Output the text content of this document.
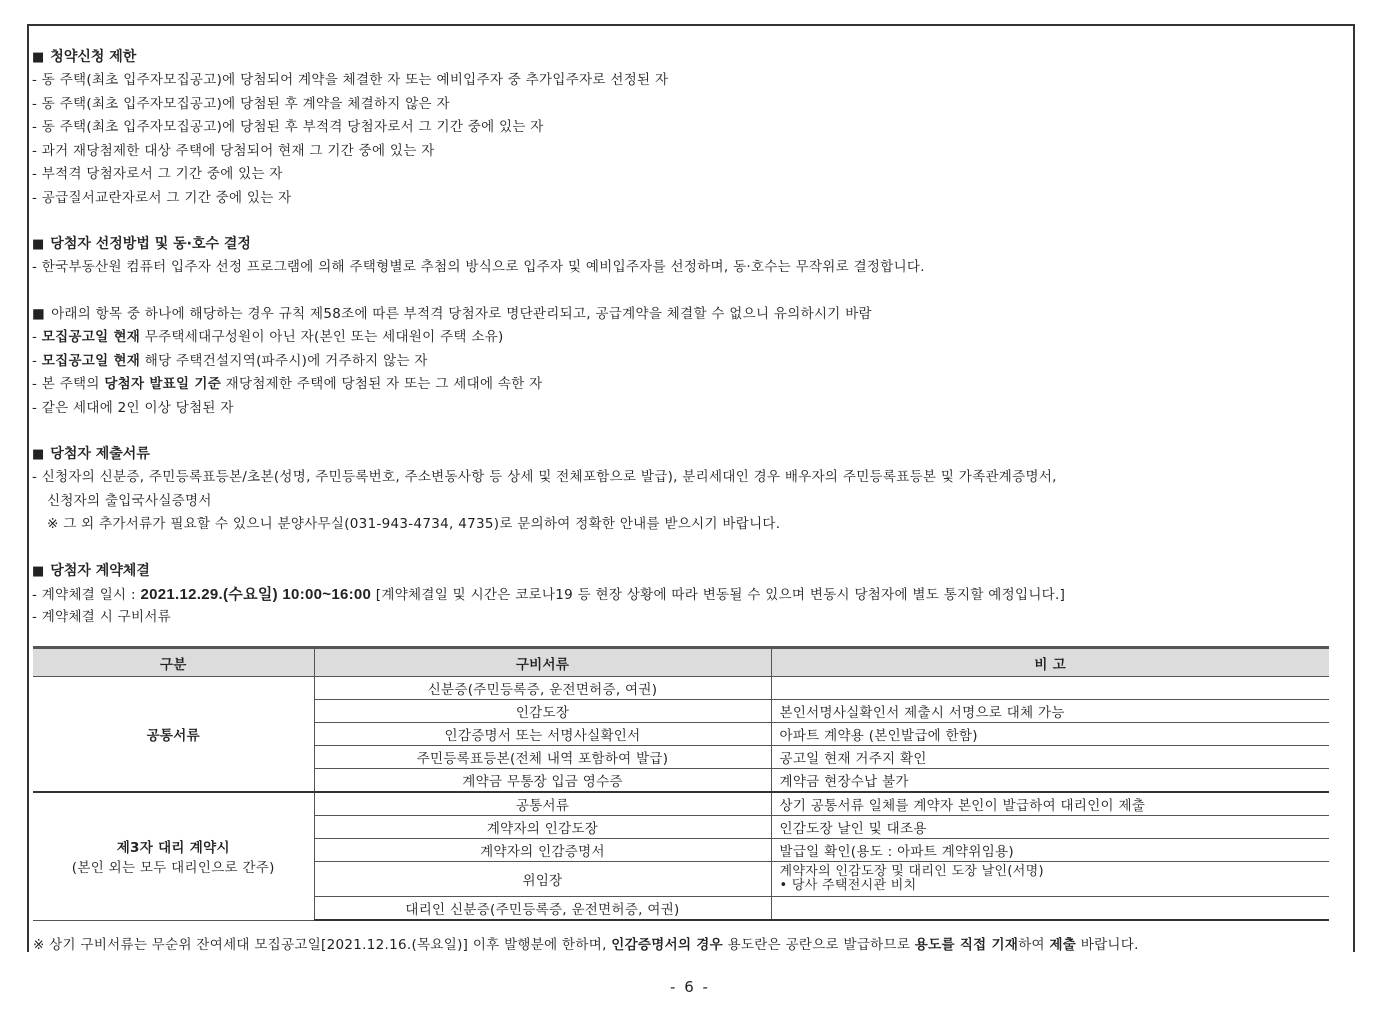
■ 청약신청 제한
- 동 주택(최초 입주자모집공고)에 당첨되어 계약을 체결한 자 또는 예비입주자 중 추가입주자로 선정된 자
- 동 주택(최초 입주자모집공고)에 당첨된 후 계약을 체결하지 않은 자
- 동 주택(최초 입주자모집공고)에 당첨된 후 부적격 당첨자로서 그 기간 중에 있는 자
- 과거 재당첨제한 대상 주택에 당첨되어 현재 그 기간 중에 있는 자
- 부적격 당첨자로서 그 기간 중에 있는 자
- 공급질서교란자로서 그 기간 중에 있는 자
■ 당첨자 선정방법 및 동·호수 결정
- 한국부동산원 컴퓨터 입주자 선정 프로그램에 의해 주택형별로 추첨의 방식으로 입주자 및 예비입주자를 선정하며, 동·호수는 무작위로 결정합니다.
■ 아래의 항목 중 하나에 해당하는 경우 규칙 제58조에 따른 부적격 당첨자로 명단관리되고, 공급계약을 체결할 수 없으니 유의하시기 바람
- 모집공고일 현재 무주택세대구성원이 아닌 자(본인 또는 세대원이 주택 소유)
- 모집공고일 현재 해당 주택건설지역(파주시)에 거주하지 않는 자
- 본 주택의 당첨자 발표일 기준 재당첨제한 주택에 당첨된 자 또는 그 세대에 속한 자
- 같은 세대에 2인 이상 당첨된 자
■ 당첨자 제출서류
- 신청자의 신분증, 주민등록표등본/초본(성명, 주민등록번호, 주소변동사항 등 상세 및 전체포함으로 발급), 분리세대인 경우 배우자의 주민등록표등본 및 가족관계증명서,
신청자의 출입국사실증명서
※ 그 외 추가서류가 필요할 수 있으니 분양사무실(031-943-4734, 4735)로 문의하여 정확한 안내를 받으시기 바랍니다.
■ 당첨자 계약체결
- 계약체결 일시 : 2021.12.29.(수요일) 10:00~16:00 [계약체결일 및 시간은 코로나19 등 현장 상황에 따라 변동될 수 있으며 변동시 당첨자에 별도 통지할 예정입니다.]
- 계약체결 시 구비서류
구분	구비서류	비 고
공통서류	신분증(주민등록증, 운전면허증, 여권)	
	인감도장	본인서명사실확인서 제출시 서명으로 대체 가능
	인감증명서 또는 서명사실확인서	아파트 계약용 (본인발급에 한함)
	주민등록표등본(전체 내역 포함하여 발급)	공고일 현재 거주지 확인
	계약금 무통장 입금 영수증	계약금 현장수납 불가

제3자 대리 계약시
(본인 외는 모두 대리인으로 간주)	공통서류	상기 공통서류 일체를 계약자 본인이 발급하여 대리인이 제출
	계약자의 인감도장	인감도장 날인 및 대조용
	계약자의 인감증명서	발급일 확인(용도 : 아파트 계약위임용)
	위임장	계약자의 인감도장 및 대리인 도장 날인(서명)
• 당사 주택전시관 비치

	대리인 신분증(주민등록증, 운전면허증, 여권)	
※ 상기 구비서류는 무순위 잔여세대 모집공고일[2021.12.16.(목요일)] 이후 발행분에 한하며, 인감증명서의 경우 용도란은 공란으로 발급하므로 용도를 직접 기재하여 제출 바랍니다.
- 6 -
